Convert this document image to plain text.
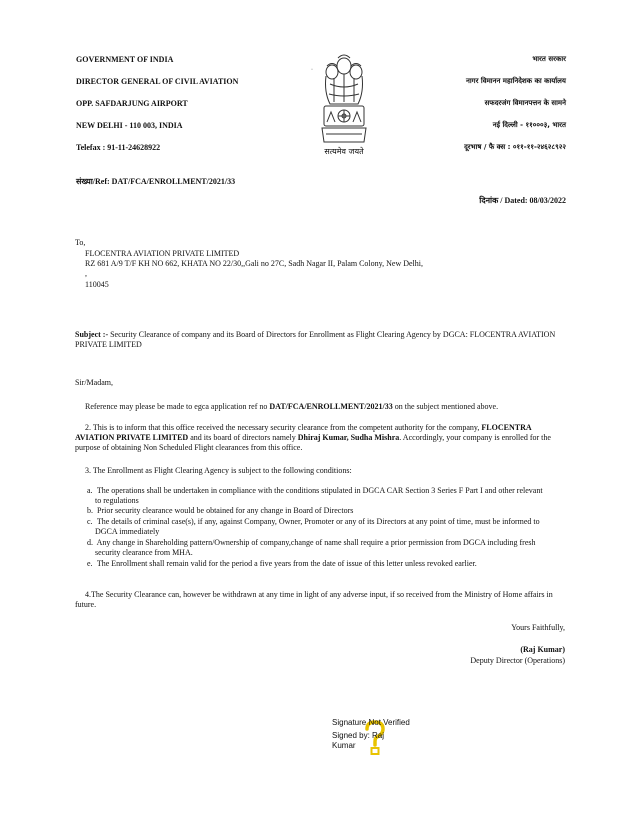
GOVERNMENT OF INDIA
DIRECTOR GENERAL OF CIVIL AVIATION
OPP. SAFDARJUNG AIRPORT
NEW DELHI - 110 003, INDIA
Telefax : 91-11-24628922
भारत सरकार
नागर विमानन महानिदेशक का कार्यालय
सफदरजंग विमानपत्तन के सामने
नई दिल्ली - ११०००३, भारत
दूरभाष / फै क्स : ०११-११-२४६२८९२२
सत्यमेव जयते
·
संख्या/Ref: DAT/FCA/ENROLLMENT/2021/33
दिनांक / Dated: 08/03/2022
To,
FLOCENTRA AVIATION PRIVATE LIMITED
RZ 681 A/9 T/F KH NO 662, KHATA NO 22/30,,Gali no 27C, Sadh Nagar II, Palam Colony, New Delhi,
,
110045
Subject :- Security Clearance of company and its Board of Directors for Enrollment as Flight Clearing Agency by DGCA: FLOCENTRA AVIATION PRIVATE LIMITED
Sir/Madam,
Reference may please be made to egca application ref no DAT/FCA/ENROLLMENT/2021/33 on the subject mentioned above.
2. This is to inform that this office received the necessary security clearance from the competent authority for the company, FLOCENTRA AVIATION PRIVATE LIMITED and its board of directors namely Dhiraj Kumar, Sudha Mishra. Accordingly, your company is enrolled for the purpose of obtaining Non Scheduled Flight clearances from this office.
3. The Enrollment as Flight Clearing Agency is subject to the following conditions:
a. The operations shall be undertaken in compliance with the conditions stipulated in DGCA CAR Section 3 Series F Part I and other relevant
to regulations
b. Prior security clearance would be obtained for any change in Board of Directors
c. The details of criminal case(s), if any, against Company, Owner, Promoter or any of its Directors at any point of time, must be informed to
DGCA immediately
d. Any change in Shareholding pattern/Ownership of company,change of name shall require a prior permission from DGCA including fresh
security clearance from MHA.
e. The Enrollment shall remain valid for the period a five years from the date of issue of this letter unless revoked earlier.
4.The Security Clearance can, however be withdrawn at any time in light of any adverse input, if so received from the Ministry of Home affairs in future.
Yours Faithfully,
(Raj Kumar)
Deputy Director (Operations)
Signature Not Verified
Signed by: Raj
Kumar
